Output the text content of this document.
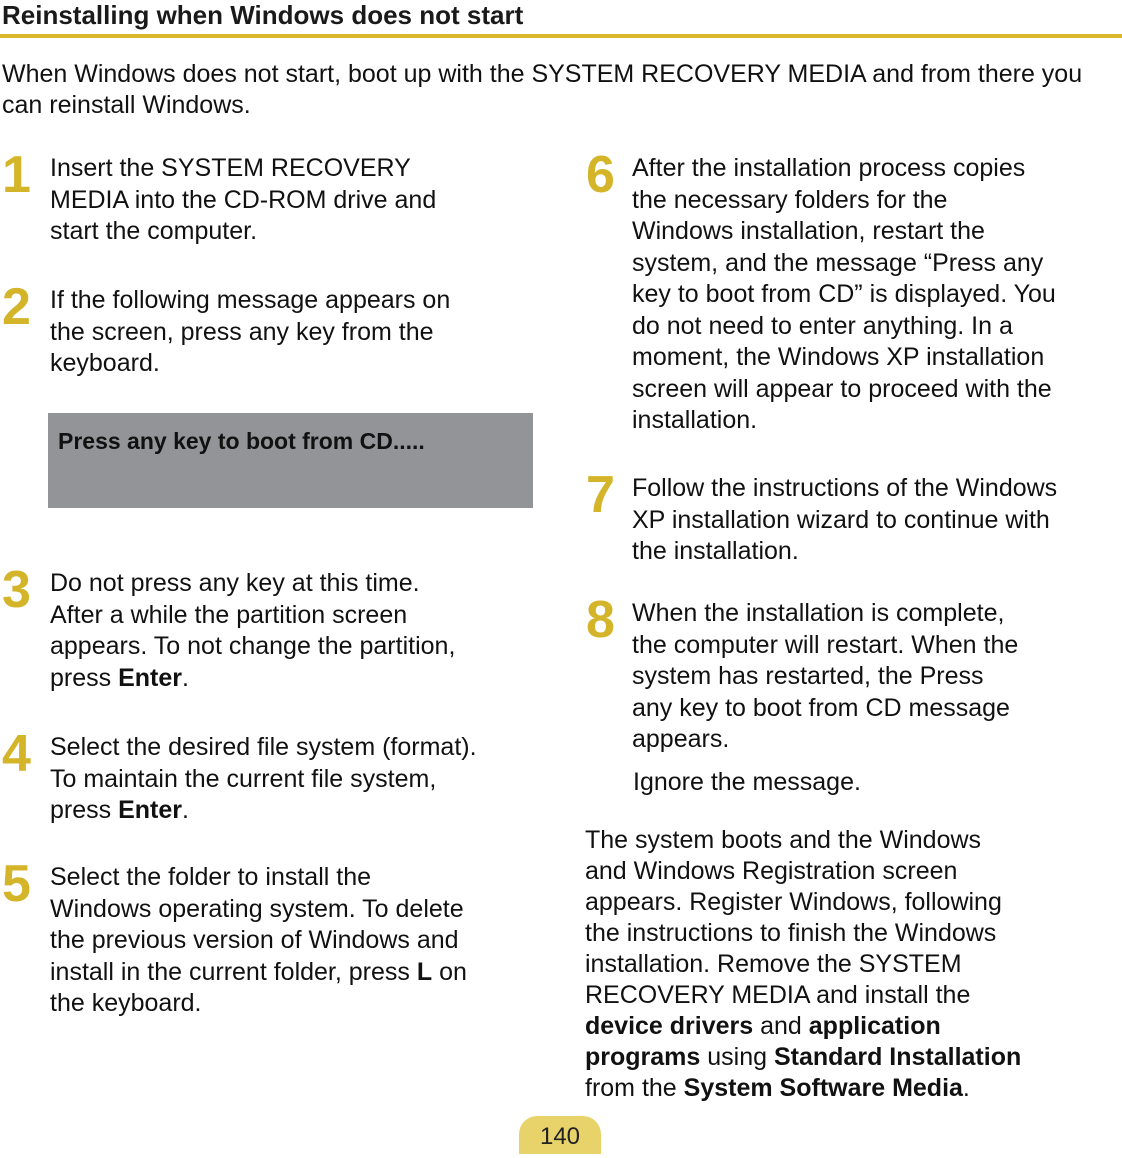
Reinstalling when Windows does not start
When Windows does not start, boot up with the SYSTEM RECOVERY MEDIA and from there you can reinstall Windows.
1 Insert the SYSTEM RECOVERY
MEDIA into the CD-ROM drive and
start the computer.
2 If the following message appears on
the screen, press any key from the
keyboard.
Press any key to boot from CD.....
3 Do not press any key at this time.
After a while the partition screen
appears. To not change the partition,
press Enter.
4 Select the desired file system (format).
To maintain the current file system,
press Enter.
5 Select the folder to install the
Windows operating system. To delete
the previous version of Windows and
install in the current folder, press L on
the keyboard.
6 After the installation process copies
the necessary folders for the
Windows installation, restart the
system, and the message “Press any
key to boot from CD” is displayed. You
do not need to enter anything. In a
moment, the Windows XP installation
screen will appear to proceed with the
installation.
7 Follow the instructions of the Windows
XP installation wizard to continue with
the installation.
8 When the installation is complete,
the computer will restart. When the
system has restarted, the Press
any key to boot from CD message
appears.
Ignore the message.
The system boots and the Windows
and Windows Registration screen
appears. Register Windows, following
the instructions to finish the Windows
installation. Remove the SYSTEM
RECOVERY MEDIA and install the
device drivers and application
programs using Standard Installation
from the System Software Media.
140
